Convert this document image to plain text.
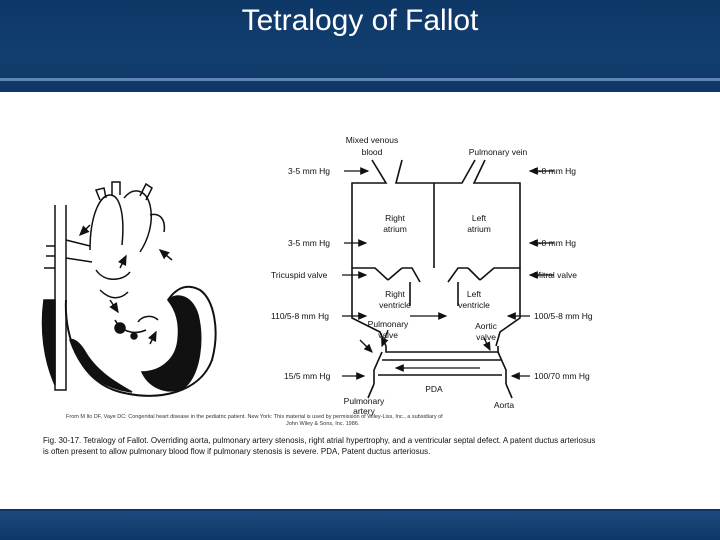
Tetralogy of Fallot
Mixed venous
blood	Pulmonary vein
3-5 mm Hg	5-8 mm Hg
Right
atrium
Left
atrium
3-5 mm Hg	5-8 mm Hg
Tricuspid valve	Mitral valve
Right
ventricle
Left
ventricle
110/5-8 mm Hg	100/5-8 mm Hg
Pulmonary
valve
Aortic
valve
15/5 mm Hg	100/70 mm Hg
PDA
Pulmonary
artery
Aorta
From M Ilo DF, Vaye DC: Congenital heart disease in the pediatric patient. New York: This material is used by permission of Wiley-Liss, Inc., a subsidiary of
John Wiley & Sons, Inc. 1986.
Fig. 30-17. Tetralogy of Fallot. Overriding aorta, pulmonary artery stenosis, right atrial hypertrophy, and a ventricular septal defect. A patent ductus arteriosus is often present to allow pulmonary blood flow if pulmonary stenosis is severe. PDA, Patent ductus arteriosus.
